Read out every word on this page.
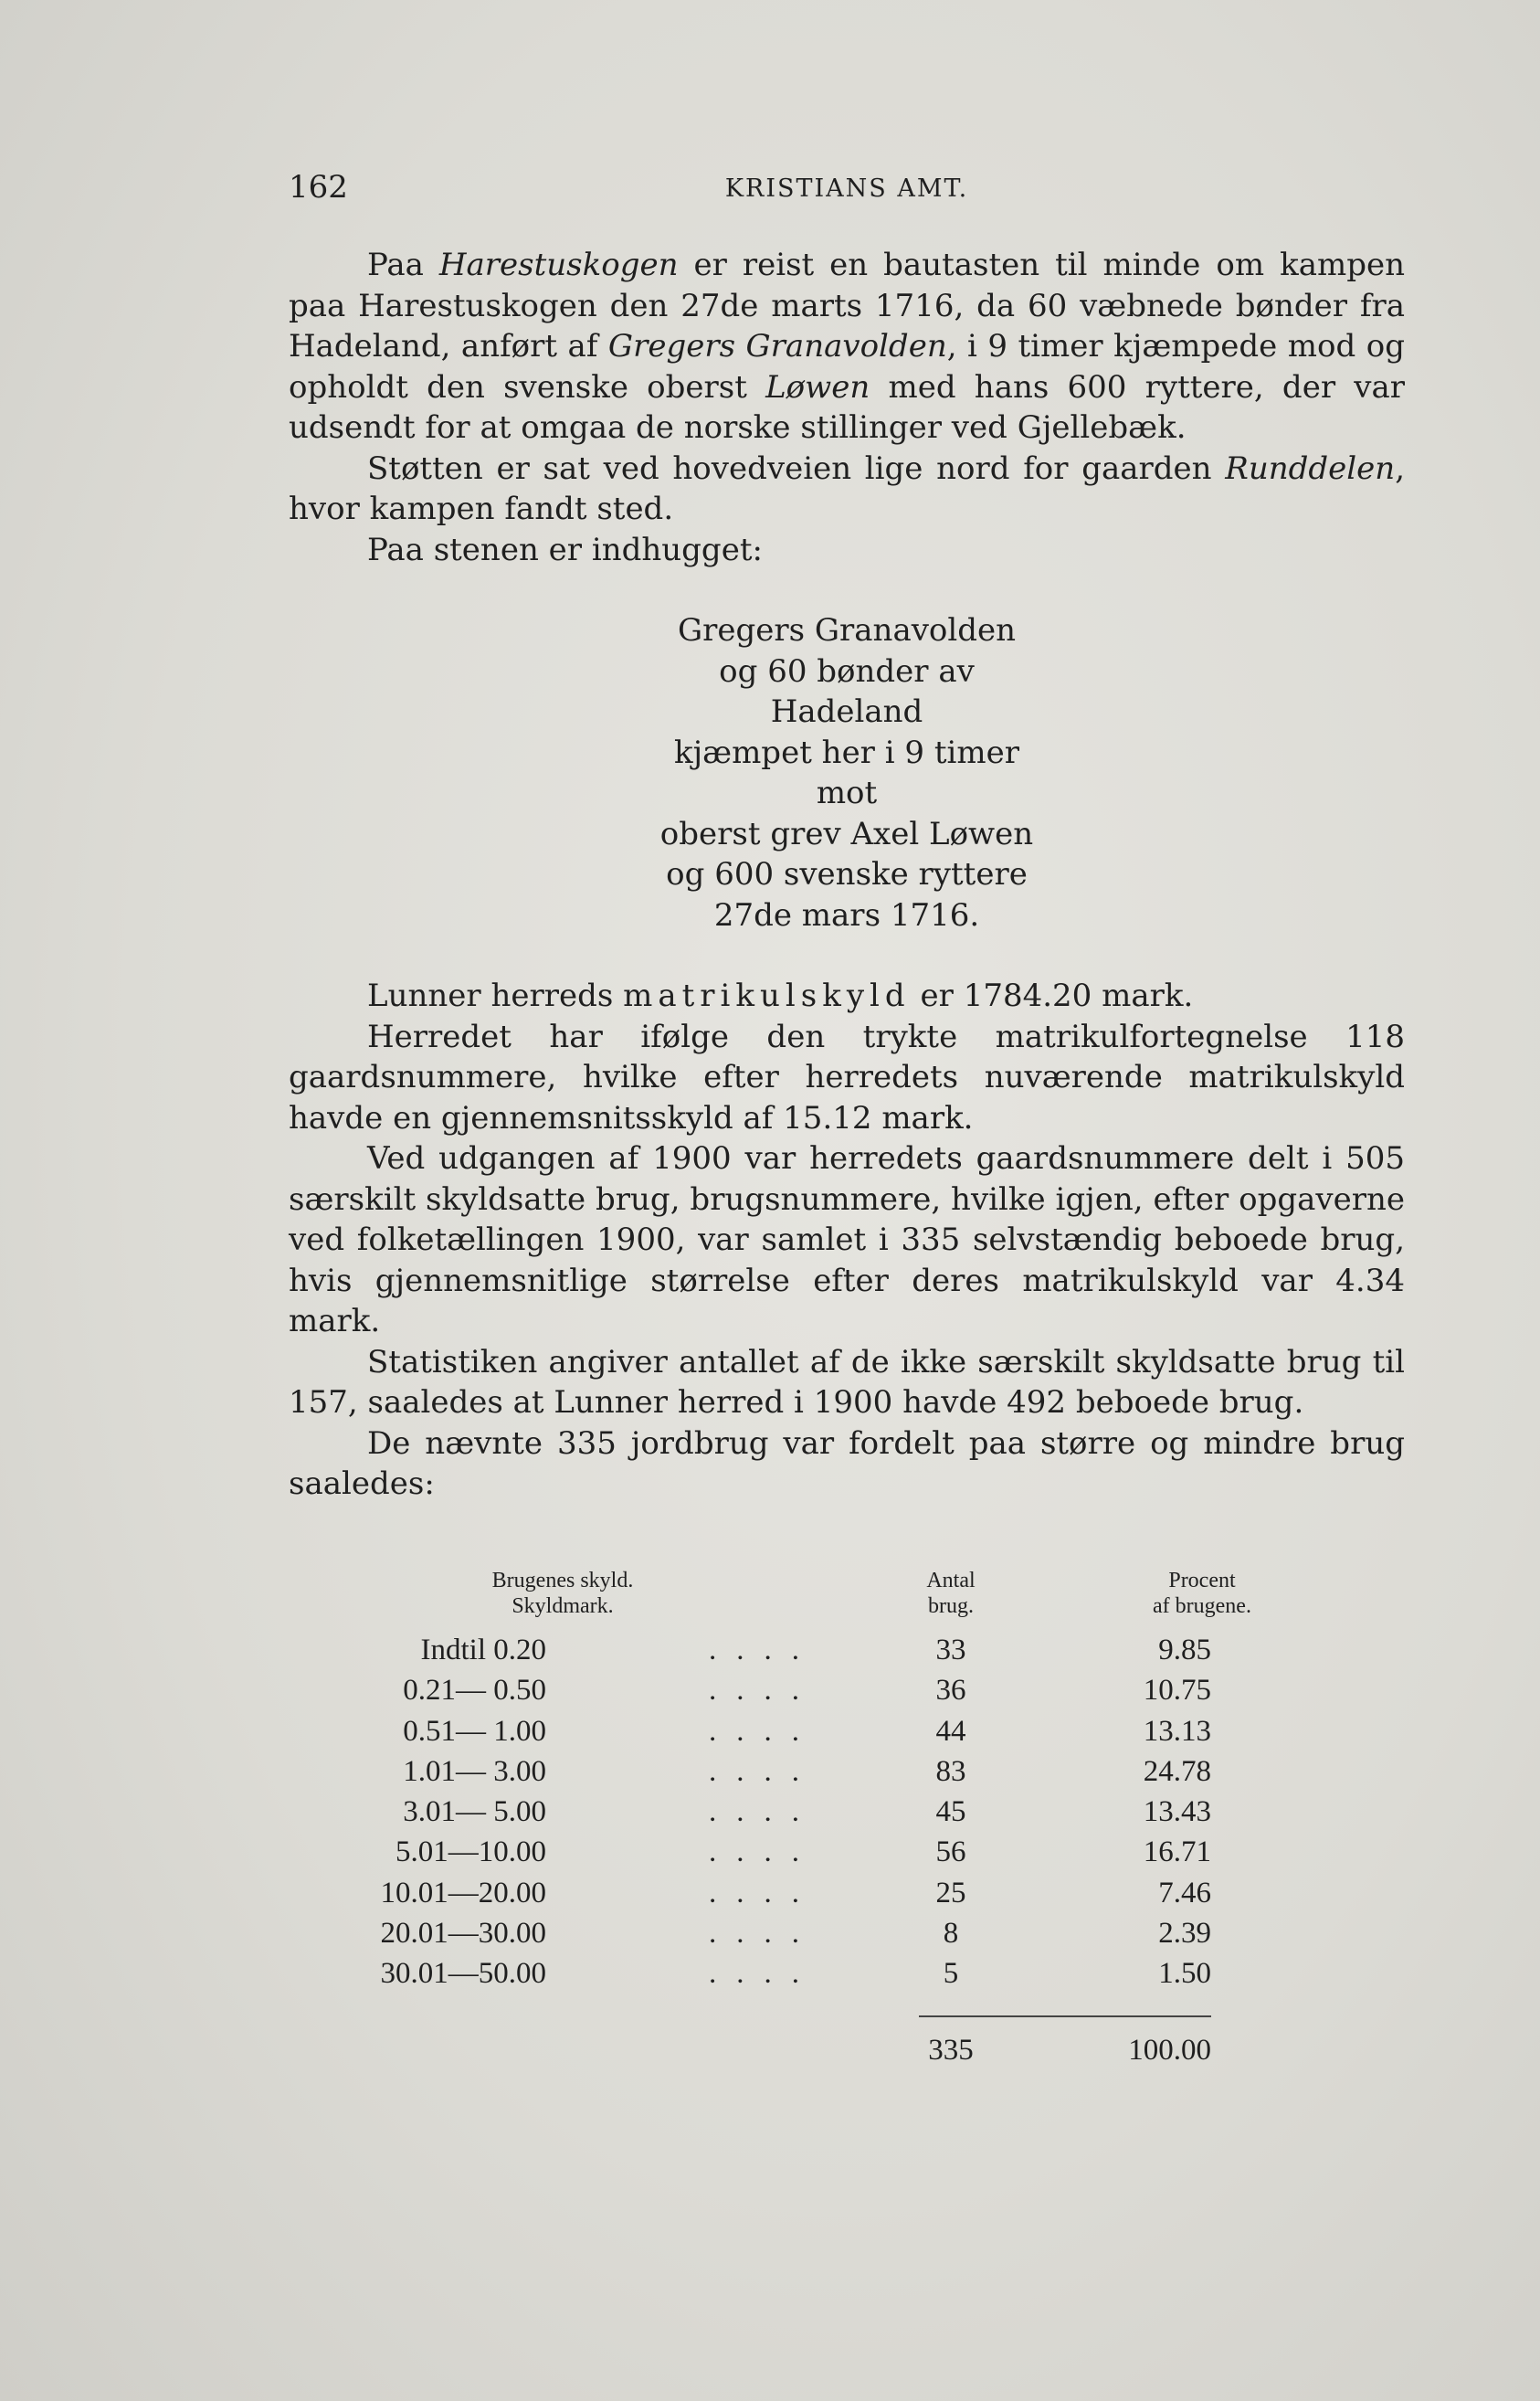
162	KRISTIANS AMT.

Paa Harestuskogen er reist en bautasten til minde om kampen paa Harestuskogen den 27de marts 1716, da 60 væbnede bønder fra Hadeland, anført af Gregers Granavolden, i 9 timer kjæmpede mod og opholdt den svenske oberst Løwen med hans 600 ryttere, der var udsendt for at omgaa de norske stillinger ved Gjellebæk.

Støtten er sat ved hovedveien lige nord for gaarden Runddelen, hvor kampen fandt sted.

Paa stenen er indhugget:

Gregers Granavolden
og 60 bønder av
Hadeland
kjæmpet her i 9 timer
mot
oberst grev Axel Løwen
og 600 svenske ryttere
27de mars 1716.

Lunner herreds matrikulskyld er 1784.20 mark.

Herredet har ifølge den trykte matrikulfortegnelse 118 gaardsnummere, hvilke efter herredets nuværende matrikulskyld havde en gjennemsnitsskyld af 15.12 mark.

Ved udgangen af 1900 var herredets gaardsnummere delt i 505 særskilt skyldsatte brug, brugsnummere, hvilke igjen, efter opgaverne ved folketællingen 1900, var samlet i 335 selvstændig beboede brug, hvis gjennemsnitlige størrelse efter deres matrikulskyld var 4.34 mark.

Statistiken angiver antallet af de ikke særskilt skyldsatte brug til 157, saaledes at Lunner herred i 1900 havde 492 beboede brug.

De nævnte 335 jordbrug var fordelt paa større og mindre brug saaledes:

Brugenes skyld.
Skyldmark.
Antal
brug.
Procent
af brugene.
Indtil 0.20	....	33	9.85
0.21— 0.50	....	36	10.75
0.51— 1.00	....	44	13.13
1.01— 3.00	....	83	24.78
3.01— 5.00	....	45	13.43
5.01—10.00	....	56	16.71
10.01—20.00	....	25	7.46
20.01—30.00	....	8	2.39
30.01—50.00	....	5	1.50
335	100.00
